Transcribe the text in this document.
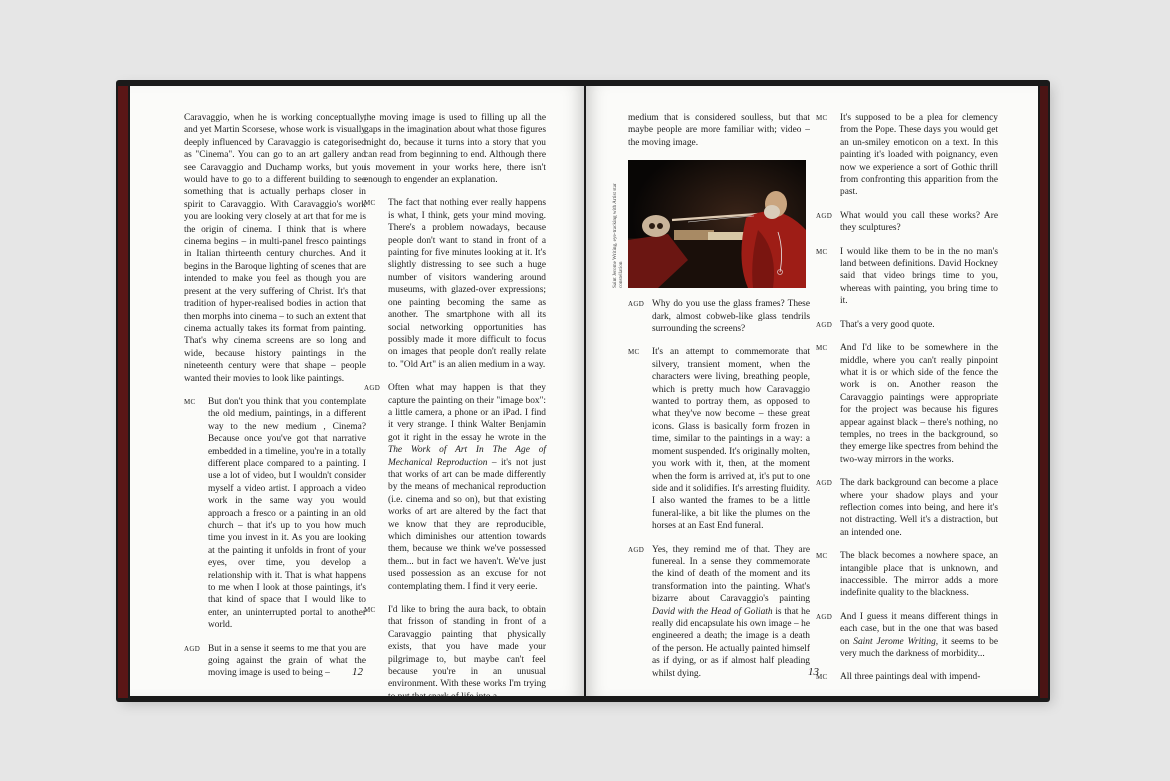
Caravaggio, when he is working conceptually, and yet Martin Scorsese, whose work is visually deeply influenced by Caravaggio is categorised as "Cinema". You can go to an art gallery and see Caravaggio and Duchamp works, but you would have to go to a different building to see something that is actually perhaps closer in spirit to Caravaggio. With Caravaggio's work you are looking very closely at art that for me is the origin of cinema. I think that is where cinema begins – in multi-panel fresco paintings in Italian thirteenth century churches. And it begins in the Baroque lighting of scenes that are intended to make you feel as though you are present at the very suffering of Christ. It's that tradition of hyper-realised bodies in action that then morphs into cinema – to such an extent that cinema actually takes its format from painting. That's why cinema screens are so long and wide, because history paintings in the nineteenth century were that shape – people wanted their movies to look like paintings.

MC But don't you think that you contemplate the old medium, paintings, in a different way to the new medium , Cinema? Because once you've got that narrative embedded in a timeline, you're in a totally different place compared to a painting. I use a lot of video, but I wouldn't consider myself a video artist. I approach a video work in the same way you would approach a fresco or a painting in an old church – that it's up to you how much time you invest in it. As you are looking at the painting it unfolds in front of your eyes, over time, you develop a relationship with it. That is what happens to me when I look at those paintings, it's that kind of space that I would like to enter, an uninterrupted portal to another world.
AGD But in a sense it seems to me that you are going against the grain of what the moving image is used to being –

the moving image is used to filling up all the gaps in the imagination about what those figures might do, because it turns into a story that you can read from beginning to end. Although there is movement in your works here, there isn't enough to engender an explanation.

MC The fact that nothing ever really happens is what, I think, gets your mind moving. There's a problem nowadays, because people don't want to stand in front of a painting for five minutes looking at it. It's slightly distressing to see such a huge number of visitors wandering around museums, with glazed-over expressions; one painting becoming the same as another. The smartphone with all its social networking opportunities has possibly made it more difficult to focus on images that people don't really relate to. "Old Art" is an alien medium in a way.
AGD Often what may happen is that they capture the painting on their "image box": a little camera, a phone or an iPad. I find it very strange. I think Walter Benjamin got it right in the essay he wrote in the The Work of Art In The Age of Mechanical Reproduction – it's not just that works of art can be made differently by the means of mechanical reproduction (i.e. cinema and so on), but that existing works of art are altered by the fact that we know that they are reproducible, which diminishes our attention towards them, because we think we've possessed them... but in fact we haven't. We've just used possession as an excuse for not contemplating them. I find it very eerie.
MC I'd like to bring the aura back, to obtain that frisson of standing in front of a Caravaggio painting that physically exists, that you have made your pilgrimage to, but maybe can't feel because you're in an unusual environment. With these works I'm trying to put that spark of life into a
12

medium that is considered soulless, but that maybe people are more familiar with; video – the moving image.

Saint Jerome Writing, eye-tracking with Artist star constellation
AGD Why do you use the glass frames? These dark, almost cobweb-like glass tendrils surrounding the screens?
MC It's an attempt to commemorate that silvery, transient moment, when the characters were living, breathing people, which is pretty much how Caravaggio wanted to portray them, as opposed to what they've now become – these great icons. Glass is basically form frozen in time, similar to the paintings in a way: a moment suspended. It's originally molten, you work with it, then, at the moment when the form is arrived at, it's put to one side and it solidifies. It's arresting fluidity. I also wanted the frames to be a little funeral-like, a bit like the plumes on the horses at an East End funeral.
AGD Yes, they remind me of that. They are funereal. In a sense they commemorate the kind of death of the moment and its transformation into the painting. What's bizarre about Caravaggio's painting David with the Head of Goliath is that he really did encapsulate his own image – he engineered a death; the image is a death of the person. He actually painted himself as if dying, or as if almost half pleading whilst dying.
MC It's supposed to be a plea for clemency from the Pope. These days you would get an un-smiley emoticon on a text. In this painting it's loaded with poignancy, even now we experience a sort of Gothic thrill from confronting this apparition from the past.
AGD What would you call these works? Are they sculptures?
MC I would like them to be in the no man's land between definitions. David Hockney said that video brings time to you, whereas with painting, you bring time to it.
AGD That's a very good quote.
MC And I'd like to be somewhere in the middle, where you can't really pinpoint what it is or which side of the fence the work is on. Another reason the Caravaggio paintings were appropriate for the project was because his figures appear against black – there's nothing, no temples, no trees in the background, so they emerge like spectres from behind the two-way mirrors in the works.
AGD The dark background can become a place where your shadow plays and your reflection comes into being, and here it's not distracting. Well it's a distraction, but an intended one.
MC The black becomes a nowhere space, an intangible place that is unknown, and inaccessible. The mirror adds a more indefinite quality to the blackness.
AGD And I guess it means different things in each case, but in the one that was based on Saint Jerome Writing, it seems to be very much the darkness of morbidity...
MC All three paintings deal with impend-
13
